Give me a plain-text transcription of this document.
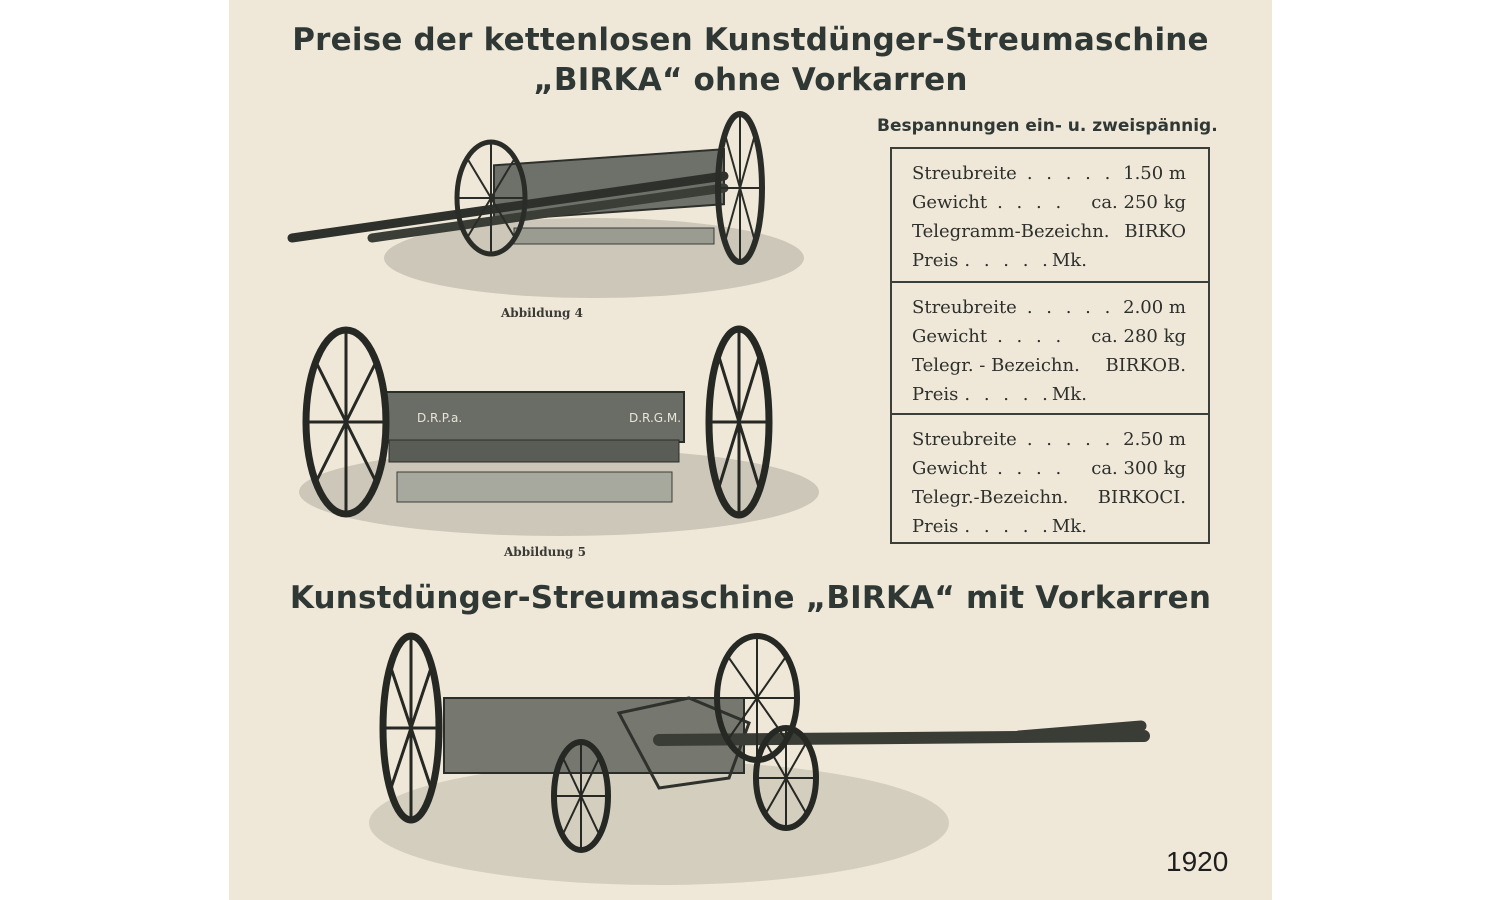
Preise der kettenlosen Kunstdünger-Streumaschine
„BIRKA“ ohne Vorkarren
Bespannungen ein- u. zweispännig.
Abbildung 4
D.R.P.a.	D.R.G.M.
Abbildung 5
Streubreite . . . . . 1.50 m
Gewicht . . . .	ca. 250 kg
Telegramm-Bezeichn. BIRKO
Preis . . . . . Mk.
Streubreite . . . . . 2.00 m
Gewicht . . . .	ca. 280 kg
Telegr. - Bezeichn. BIRKOB.
Preis . . . . . Mk.
Streubreite . . . . . 2.50 m
Gewicht . . . .	ca. 300 kg
Telegr.-Bezeichn. BIRKOCI.
Preis . . . . . Mk.
Kunstdünger-Streumaschine „BIRKA“ mit Vorkarren
1920
